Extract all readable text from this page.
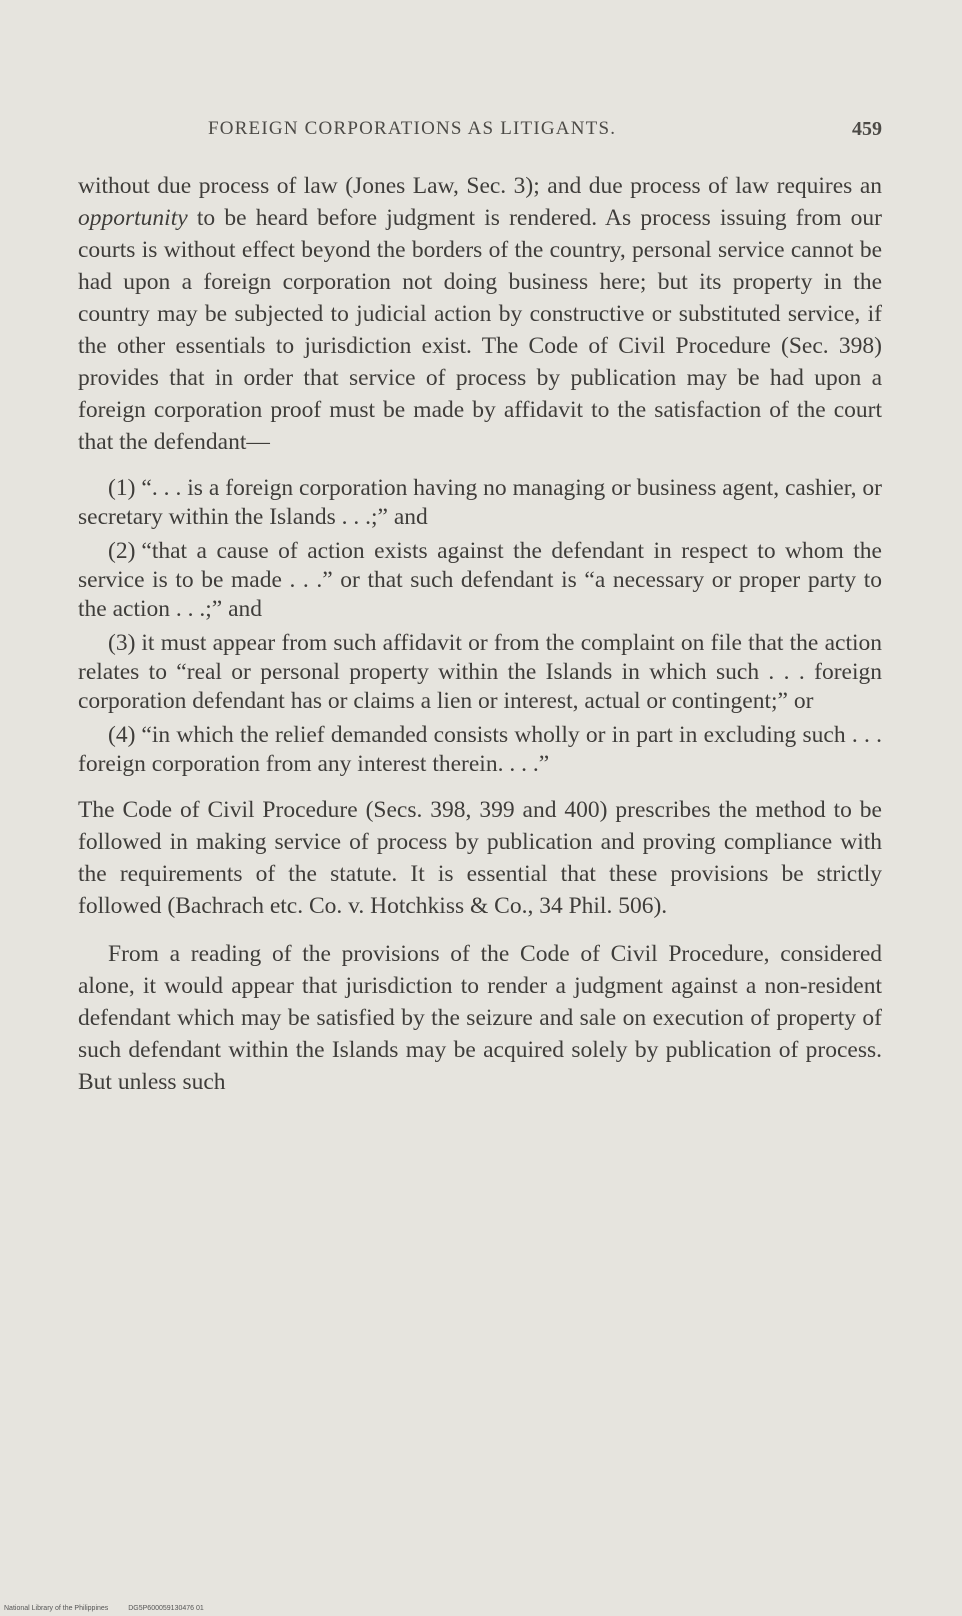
FOREIGN CORPORATIONS AS LITIGANTS.	459

without due process of law (Jones Law, Sec. 3); and due process of law requires an opportunity to be heard before judgment is rendered. As process issuing from our courts is without effect beyond the borders of the country, personal service cannot be had upon a foreign corporation not doing business here; but its property in the country may be subjected to judicial action by constructive or substituted service, if the other essentials to jurisdiction exist. The Code of Civil Procedure (Sec. 398) provides that in order that service of process by publication may be had upon a foreign corporation proof must be made by affidavit to the satisfaction of the court that the defendant—

(1) “. . . is a foreign corporation having no managing or business agent, cashier, or secretary within the Islands . . .;” and
(2) “that a cause of action exists against the defendant in respect to whom the service is to be made . . .” or that such defendant is “a necessary or proper party to the action . . .;” and
(3) it must appear from such affidavit or from the complaint on file that the action relates to “real or personal property within the Islands in which such . . . foreign corporation defendant has or claims a lien or interest, actual or contingent;” or
(4) “in which the relief demanded consists wholly or in part in excluding such . . . foreign corporation from any interest therein. . . .”

The Code of Civil Procedure (Secs. 398, 399 and 400) prescribes the method to be followed in making service of process by publication and proving compliance with the requirements of the statute. It is essential that these provisions be strictly followed (Bachrach etc. Co. v. Hotchkiss & Co., 34 Phil. 506).

From a reading of the provisions of the Code of Civil Procedure, considered alone, it would appear that jurisdiction to render a judgment against a non-resident defendant which may be satisfied by the seizure and sale on execution of property of such defendant within the Islands may be acquired solely by publication of process. But unless such

National Library of the Philippines	DG5P600059130476 01
